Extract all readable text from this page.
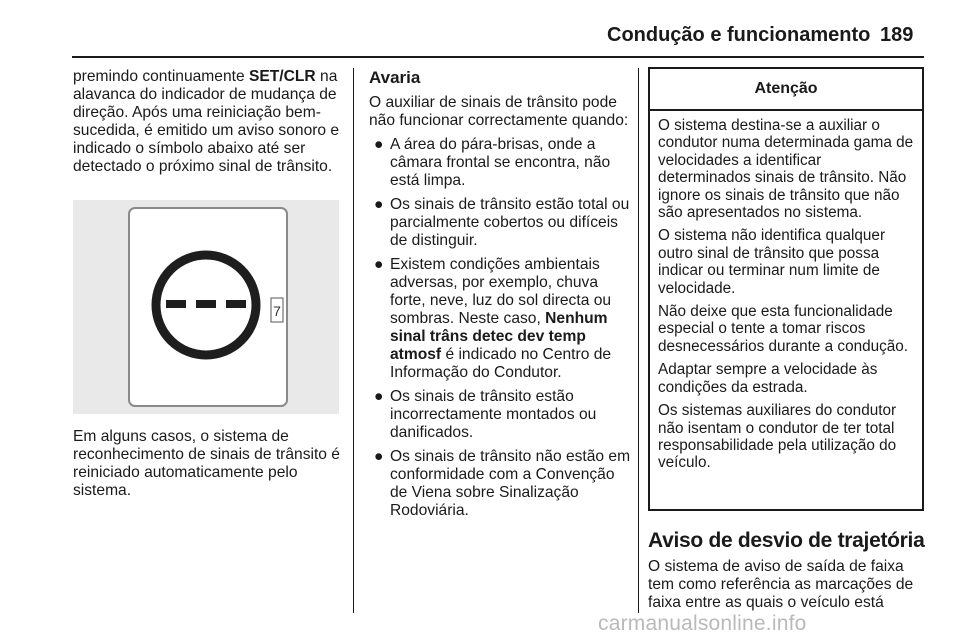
Condução e funcionamento 189

premindo continuamente SET/CLR na alavanca do indicador de mudança de direção. Após uma reiniciação bem-sucedida, é emitido um aviso sonoro e indicado o símbolo abaixo até ser detectado o próximo sinal de trânsito.

7

Em alguns casos, o sistema de reconhecimento de sinais de trânsito é reiniciado automaticamente pelo sistema.

Avaria

O auxiliar de sinais de trânsito pode não funcionar correctamente quando:

● A área do pára-brisas, onde a câmara frontal se encontra, não está limpa.
● Os sinais de trânsito estão total ou parcialmente cobertos ou difíceis de distinguir.
● Existem condições ambientais adversas, por exemplo, chuva forte, neve, luz do sol directa ou sombras. Neste caso, Nenhum sinal trâns detec dev temp atmosf é indicado no Centro de Informação do Condutor.
● Os sinais de trânsito estão incorrectamente montados ou danificados.
● Os sinais de trânsito não estão em conformidade com a Convenção de Viena sobre Sinalização Rodoviária.
Atenção

O sistema destina-se a auxiliar o condutor numa determinada gama de velocidades a identificar determinados sinais de trânsito. Não ignore os sinais de trânsito que não são apresentados no sistema.

O sistema não identifica qualquer outro sinal de trânsito que possa indicar ou terminar num limite de velocidade.

Não deixe que esta funcionalidade especial o tente a tomar riscos desnecessários durante a condução.

Adaptar sempre a velocidade às condições da estrada.

Os sistemas auxiliares do condutor não isentam o condutor de ter total responsabilidade pela utilização do veículo.

Aviso de desvio de trajetória

O sistema de aviso de saída de faixa tem como referência as marcações de faixa entre as quais o veículo está

carmanualsonline.info
